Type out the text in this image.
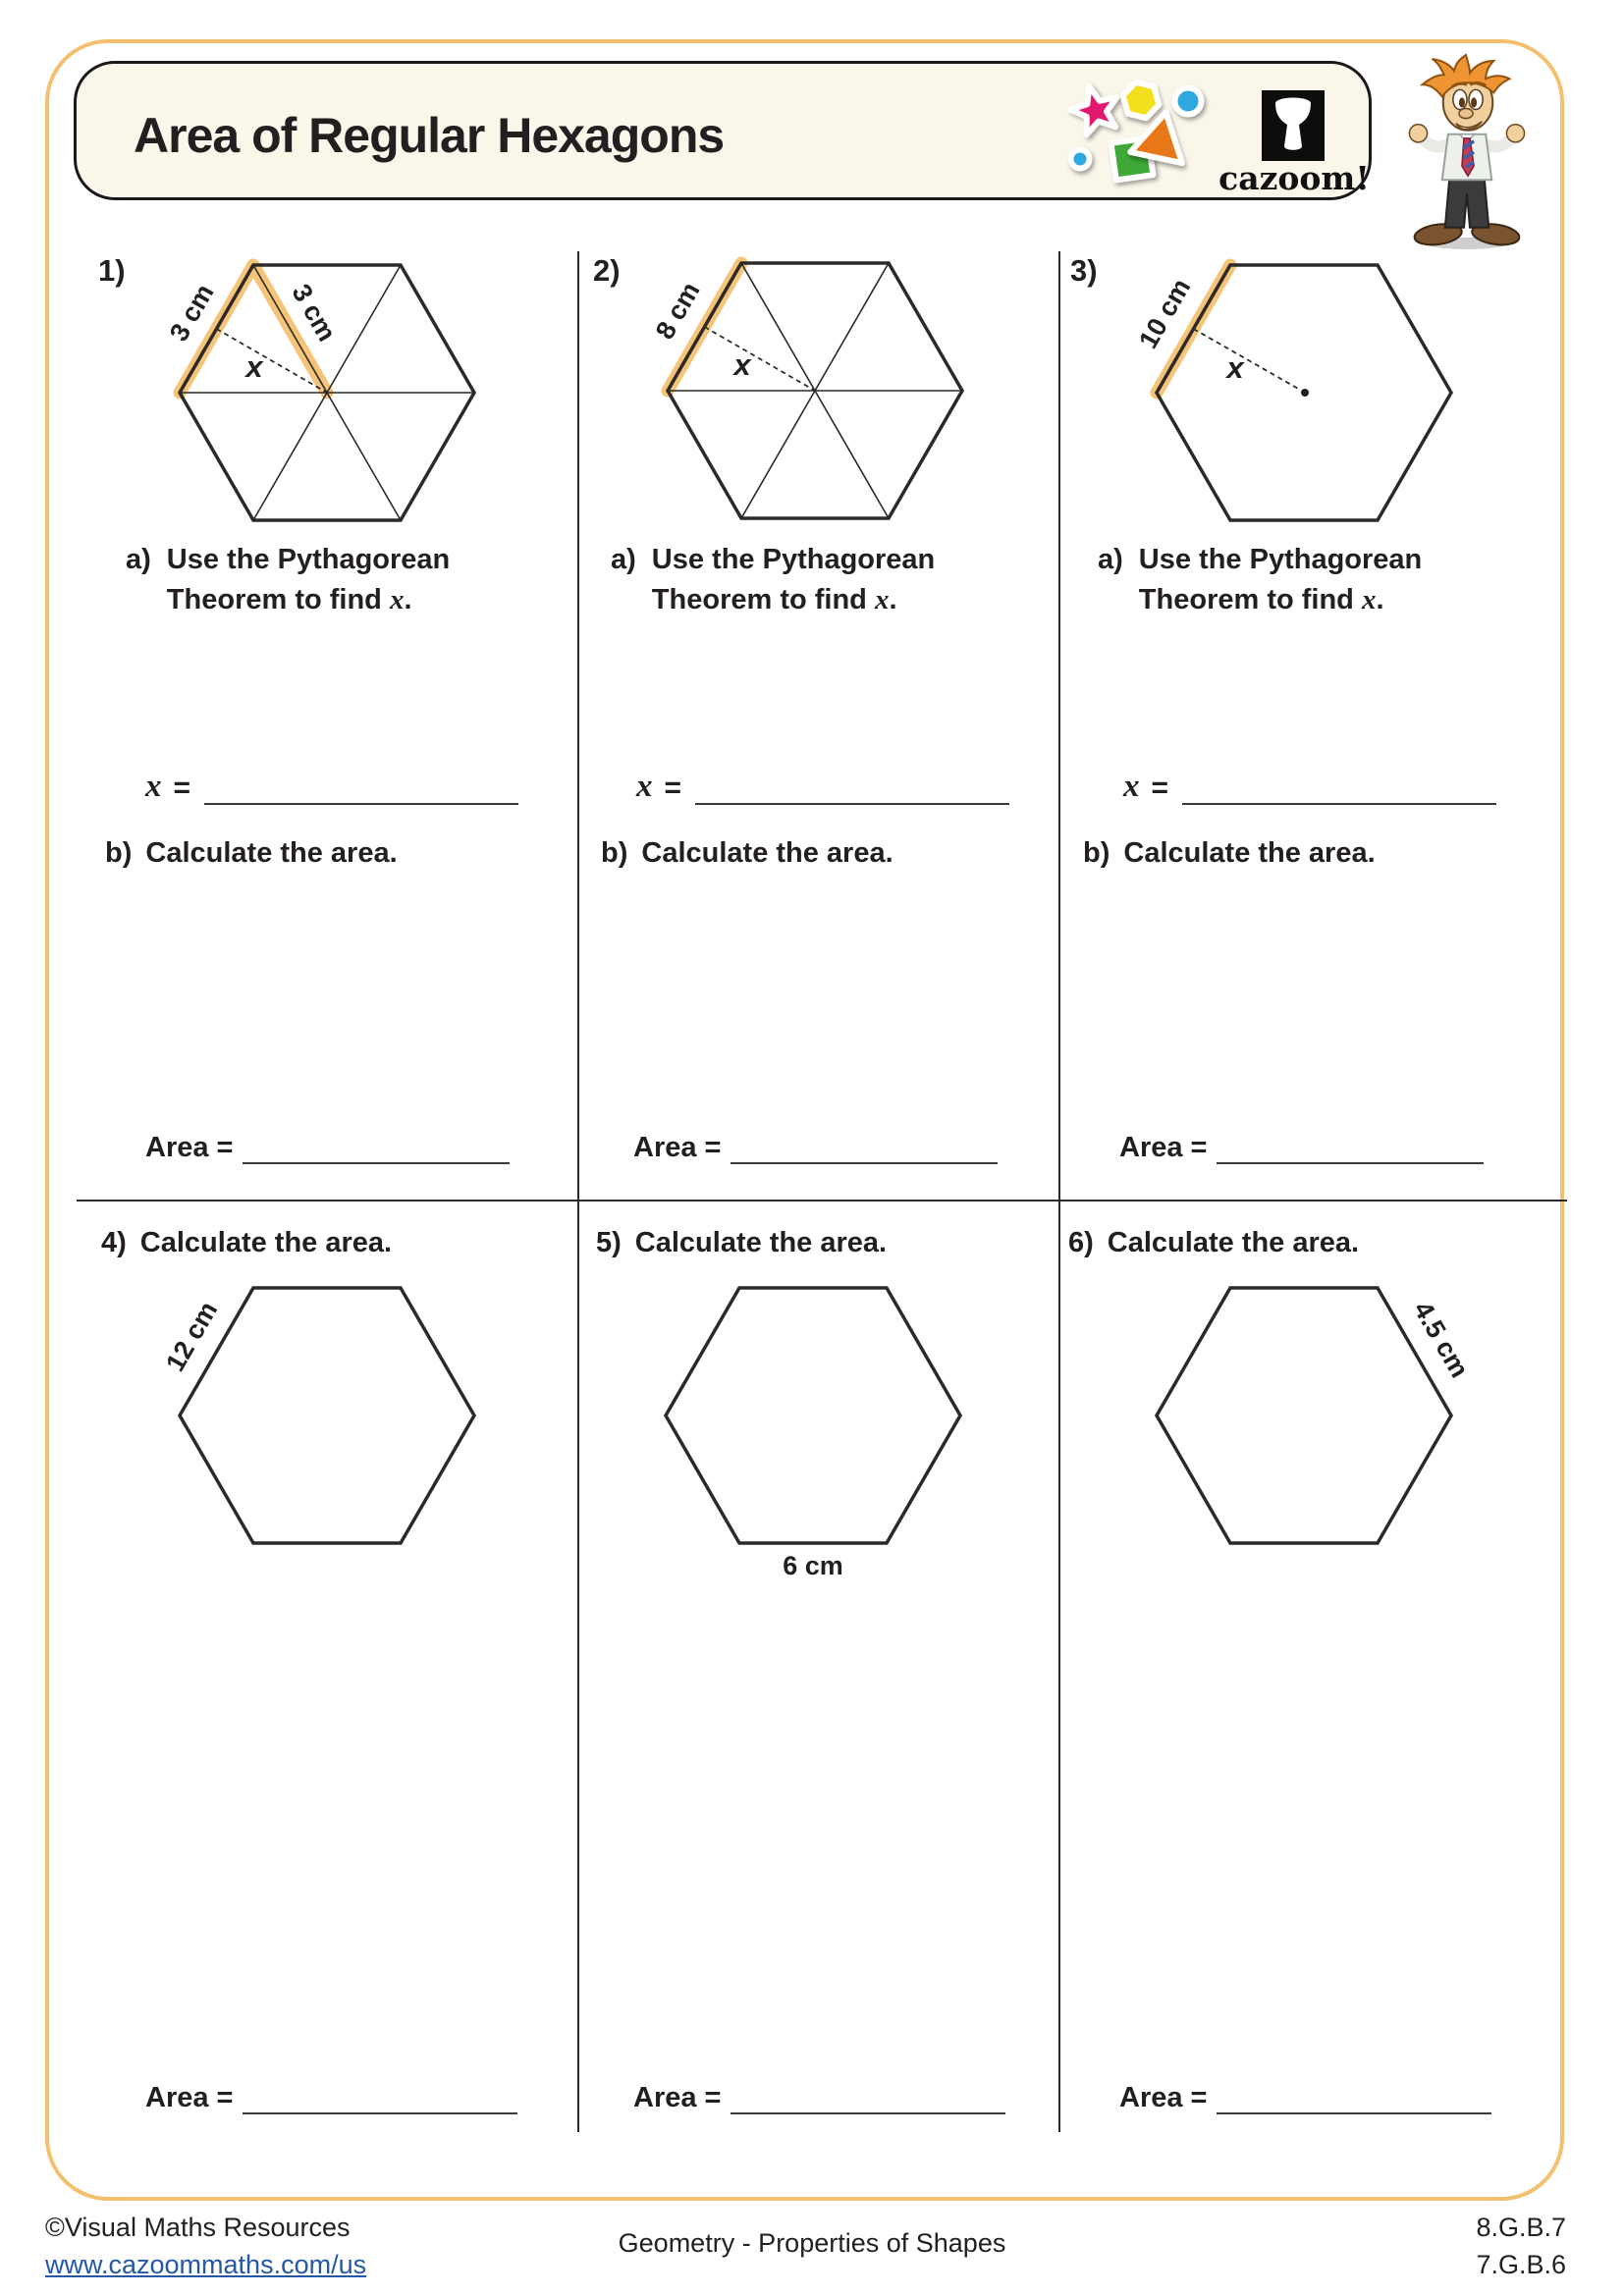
Area of Regular Hexagons
cazoom!
1)
3 cm	3 cm
x
a) Use the Pythagorean
Theorem to find x.
x =
b) Calculate the area.
Area =
2)
8 cm
x
a) Use the Pythagorean
Theorem to find x.
x =
b) Calculate the area.
Area =
3)
10 cm
x
a) Use the Pythagorean
Theorem to find x.
x =
b) Calculate the area.
Area =
4) Calculate the area.
12 cm
Area =
5) Calculate the area.
6 cm
Area =
6) Calculate the area.
4.5 cm
Area =
©Visual Maths Resources
www.cazoommaths.com/us
Geometry - Properties of Shapes
8.G.B.7
7.G.B.6
